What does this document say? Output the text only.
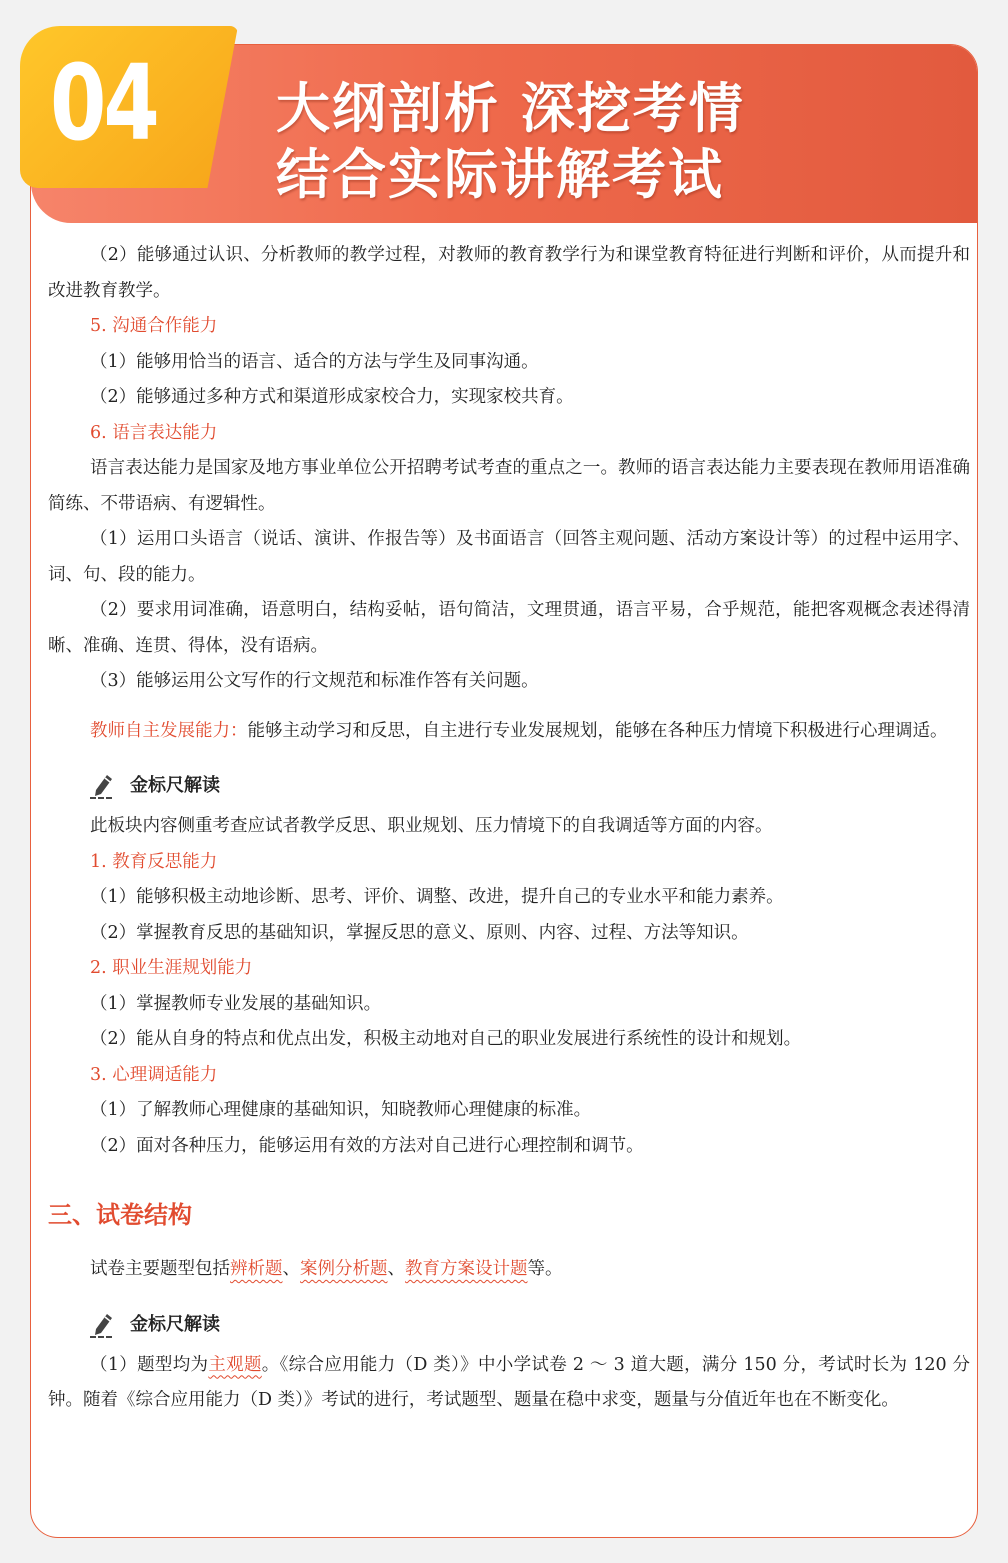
04 大纲剖析 深挖考情
结合实际讲解考试

（2）能够通过认识、分析教师的教学过程，对教师的教育教学行为和课堂教育特征进行判断和评价，从而提升和改进教育教学。

5. 沟通合作能力

（1）能够用恰当的语言、适合的方法与学生及同事沟通。

（2）能够通过多种方式和渠道形成家校合力，实现家校共育。

6. 语言表达能力

语言表达能力是国家及地方事业单位公开招聘考试考查的重点之一。教师的语言表达能力主要表现在教师用语准确简练、不带语病、有逻辑性。

（1）运用口头语言（说话、演讲、作报告等）及书面语言（回答主观问题、活动方案设计等）的过程中运用字、词、句、段的能力。

（2）要求用词准确，语意明白，结构妥帖，语句简洁，文理贯通，语言平易，合乎规范，能把客观概念表述得清晰、准确、连贯、得体，没有语病。

（3）能够运用公文写作的行文规范和标准作答有关问题。

教师自主发展能力：能够主动学习和反思，自主进行专业发展规划，能够在各种压力情境下积极进行心理调适。

金标尺解读

此板块内容侧重考查应试者教学反思、职业规划、压力情境下的自我调适等方面的内容。

1. 教育反思能力

（1）能够积极主动地诊断、思考、评价、调整、改进，提升自己的专业水平和能力素养。

（2）掌握教育反思的基础知识，掌握反思的意义、原则、内容、过程、方法等知识。

2. 职业生涯规划能力

（1）掌握教师专业发展的基础知识。

（2）能从自身的特点和优点出发，积极主动地对自己的职业发展进行系统性的设计和规划。

3. 心理调适能力

（1）了解教师心理健康的基础知识，知晓教师心理健康的标准。

（2）面对各种压力，能够运用有效的方法对自己进行心理控制和调节。

三、试卷结构

试卷主要题型包括辨析题、案例分析题、教育方案设计题等。

金标尺解读

（1）题型均为主观题。《综合应用能力（D 类）》中小学试卷 2 ～ 3 道大题，满分 150 分，考试时长为 120 分钟。随着《综合应用能力（D 类）》考试的进行，考试题型、题量在稳中求变，题量与分值近年也在不断变化。
